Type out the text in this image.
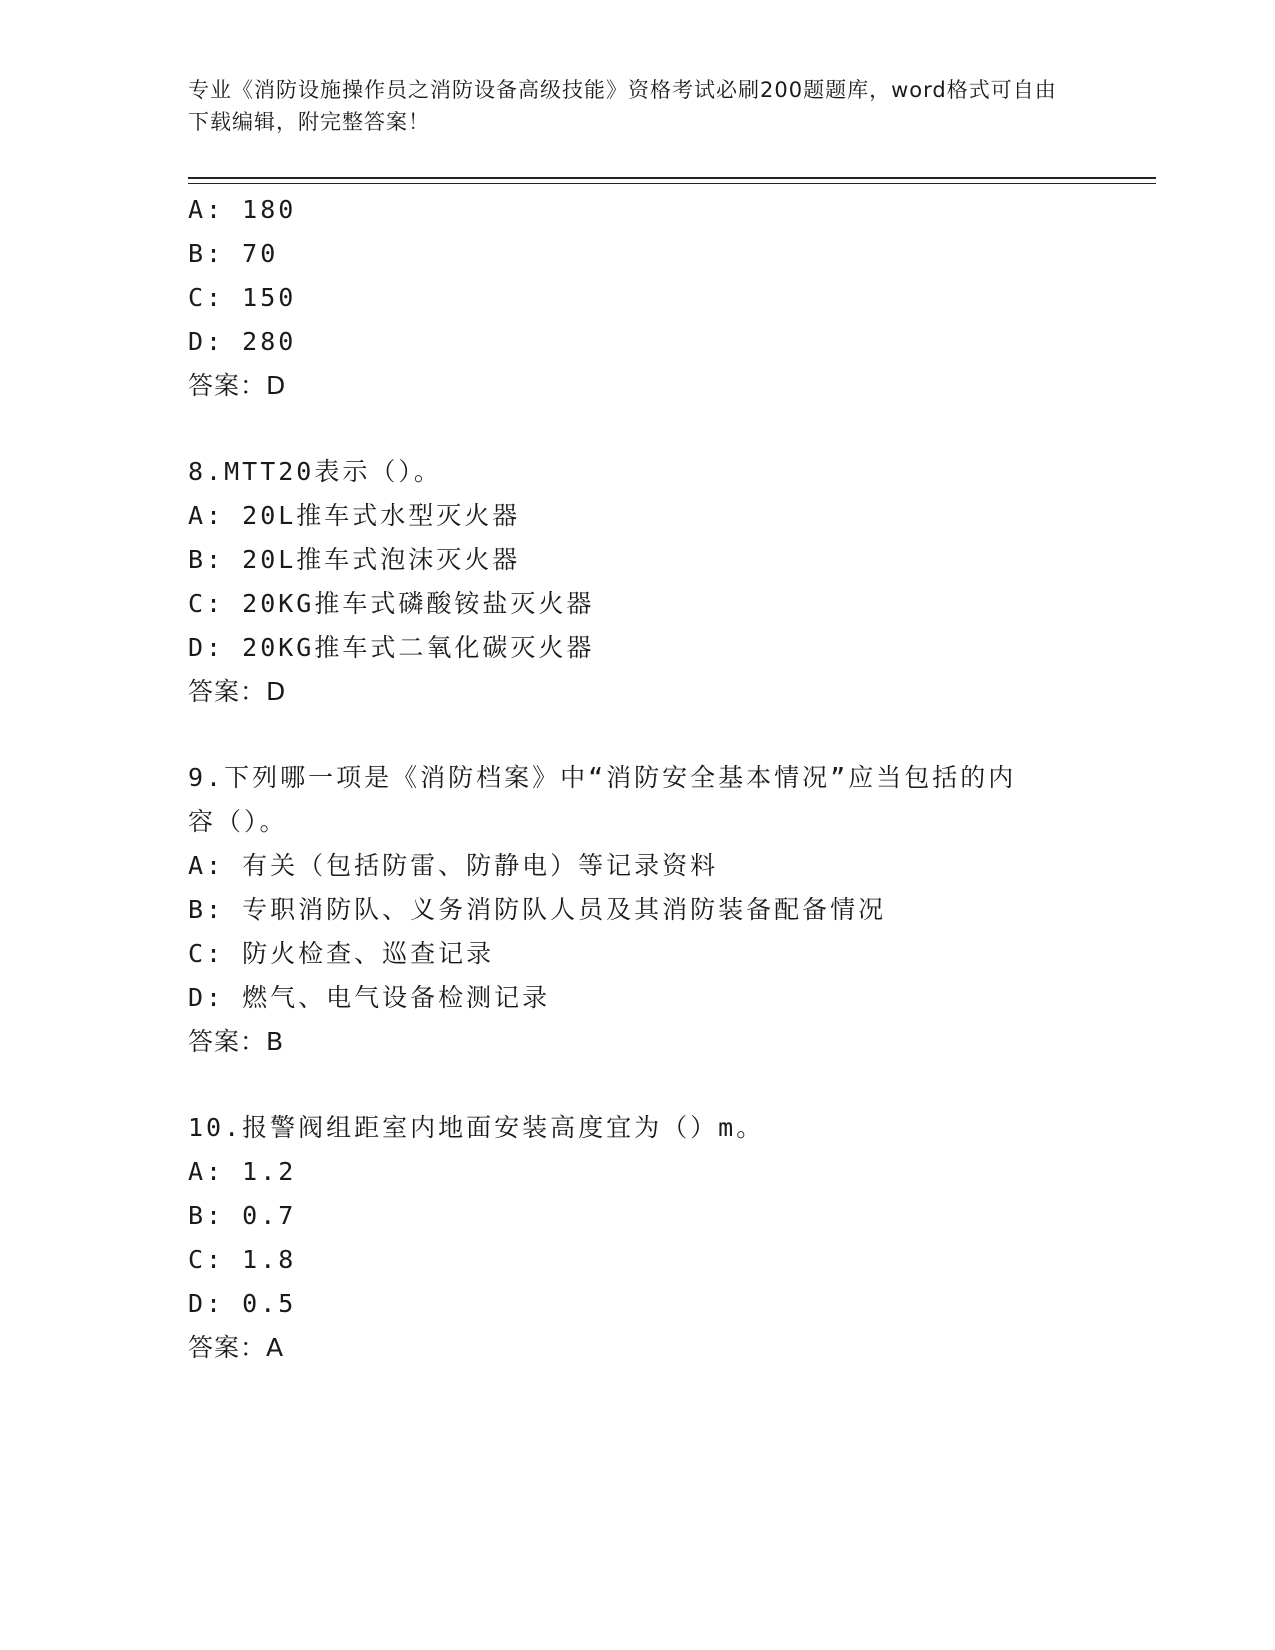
专业《消防设施操作员之消防设备高级技能》资格考试必刷200题题库，word格式可自由下载编辑，附完整答案！
A: 180
B: 70
C: 150
D: 280
答案：D
8.MTT20表示（）。
A: 20L推车式水型灭火器
B: 20L推车式泡沫灭火器
C: 20KG推车式磷酸铵盐灭火器
D: 20KG推车式二氧化碳灭火器
答案：D
9.下列哪一项是《消防档案》中“消防安全基本情况”应当包括的内
容（）。
A: 有关（包括防雷、防静电）等记录资料
B: 专职消防队、义务消防队人员及其消防装备配备情况
C: 防火检查、巡查记录
D: 燃气、电气设备检测记录
答案：B
10.报警阀组距室内地面安装高度宜为（）m。
A: 1.2
B: 0.7
C: 1.8
D: 0.5
答案：A
